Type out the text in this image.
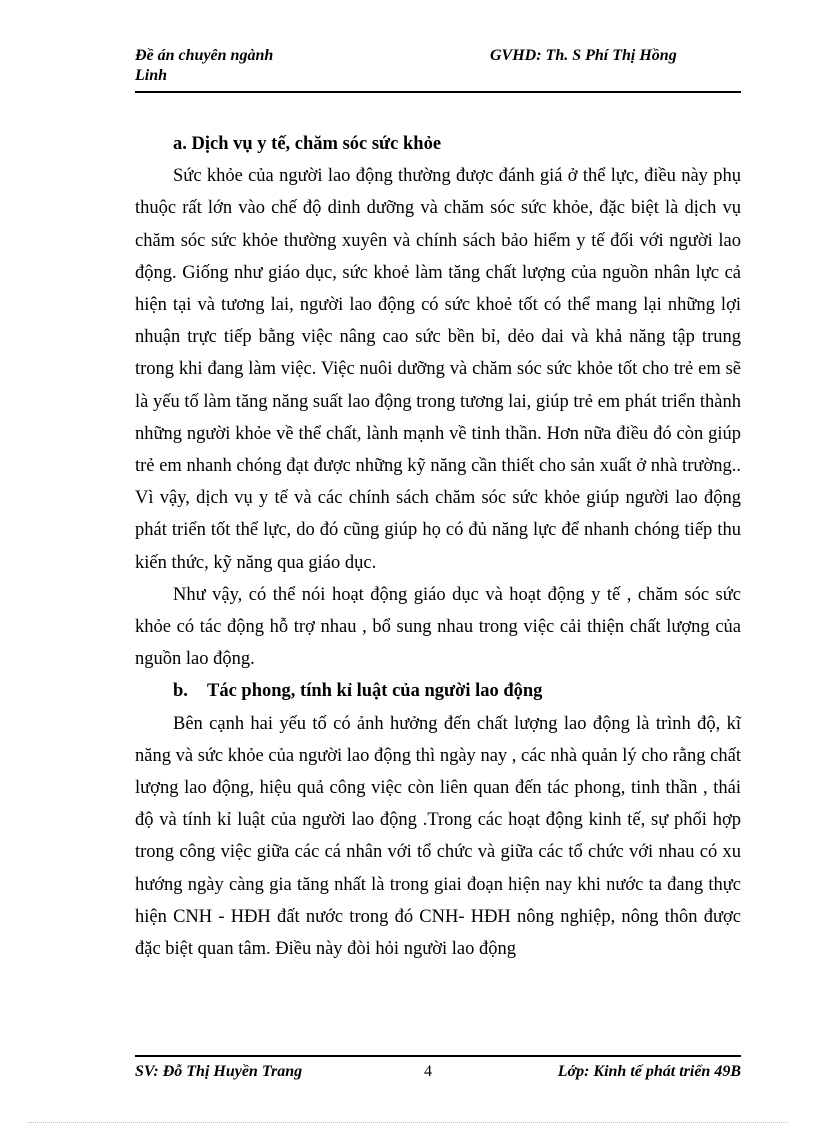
Đề án chuyên ngành
Linh
GVHD: Th. S Phí Thị Hồng
a. Dịch vụ y tế, chăm sóc sức khỏe

Sức khỏe của người lao động thường được đánh giá ở thể lực, điều này phụ thuộc rất lớn vào chế độ dinh dưỡng và chăm sóc sức khỏe, đặc biệt là dịch vụ chăm sóc sức khỏe thường xuyên và chính sách bảo hiểm y tế đối với người lao động. Giống như giáo dục, sức khoẻ làm tăng chất lượng của nguồn nhân lực cả hiện tại và tương lai, người lao động có sức khoẻ tốt có thể mang lại những lợi nhuận trực tiếp bằng việc nâng cao sức bền bỉ, dẻo dai và khả năng tập trung trong khi đang làm việc. Việc nuôi dưỡng và chăm sóc sức khỏe tốt cho trẻ em sẽ là yếu tố làm tăng năng suất lao động trong tương lai, giúp trẻ em phát triển thành những người khỏe về thể chất, lành mạnh về tinh thần. Hơn nữa điều đó còn giúp trẻ em nhanh chóng đạt được những kỹ năng cần thiết cho sản xuất ở nhà trường.. Vì vậy, dịch vụ y tế và các chính sách chăm sóc sức khỏe giúp người lao động phát triển tốt thể lực, do đó cũng giúp họ có đủ năng lực để nhanh chóng tiếp thu kiến thức, kỹ năng qua giáo dục.

Như vậy, có thể nói hoạt động giáo dục và hoạt động y tế , chăm sóc sức khỏe có tác động hỗ trợ nhau , bổ sung nhau trong việc cải thiện chất lượng của nguồn lao động.

b. Tác phong, tính kỉ luật của người lao động

Bên cạnh hai yếu tố có ảnh hưởng đến chất lượng lao động là trình độ, kĩ năng và sức khỏe của người lao động thì ngày nay , các nhà quản lý cho rằng chất lượng lao động, hiệu quả công việc còn liên quan đến tác phong, tinh thần , thái độ và tính kỉ luật của người lao động .Trong các hoạt động kinh tế, sự phối hợp trong công việc giữa các cá nhân với tổ chức và giữa các tổ chức với nhau có xu hướng ngày càng gia tăng nhất là trong giai đoạn hiện nay khi nước ta đang thực hiện CNH - HĐH đất nước trong đó CNH- HĐH nông nghiệp, nông thôn được đặc biệt quan tâm. Điều này đòi hỏi người lao động

SV: Đỗ Thị Huyền Trang	4	Lớp: Kinh tế phát triển 49B
